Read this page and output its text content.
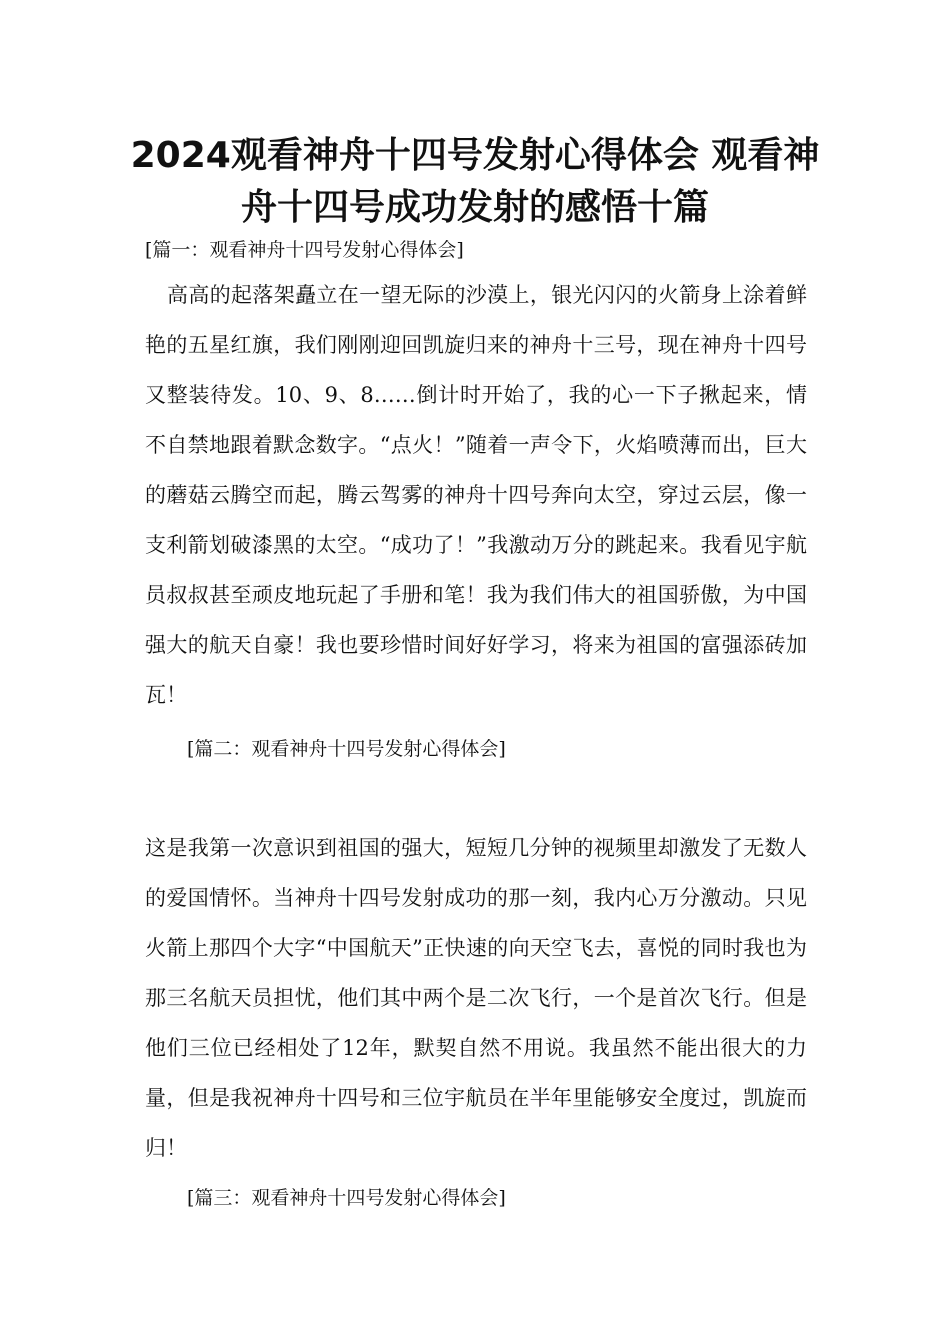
2024观看神舟十四号发射心得体会 观看神舟十四号成功发射的感悟十篇

[篇一：观看神舟十四号发射心得体会]

高高的起落架矗立在一望无际的沙漠上，银光闪闪的火箭身上涂着鲜艳的五星红旗，我们刚刚迎回凯旋归来的神舟十三号，现在神舟十四号又整装待发。10、9、8……倒计时开始了，我的心一下子揪起来，情不自禁地跟着默念数字。“点火！”随着一声令下，火焰喷薄而出，巨大的蘑菇云腾空而起，腾云驾雾的神舟十四号奔向太空，穿过云层，像一支利箭划破漆黑的太空。“成功了！”我激动万分的跳起来。我看见宇航员叔叔甚至顽皮地玩起了手册和笔！我为我们伟大的祖国骄傲，为中国强大的航天自豪！我也要珍惜时间好好学习，将来为祖国的富强添砖加瓦！

[篇二：观看神舟十四号发射心得体会]

这是我第一次意识到祖国的强大，短短几分钟的视频里却激发了无数人的爱国情怀。当神舟十四号发射成功的那一刻，我内心万分激动。只见火箭上那四个大字“中国航天”正快速的向天空飞去，喜悦的同时我也为那三名航天员担忧，他们其中两个是二次飞行，一个是首次飞行。但是他们三位已经相处了12年，默契自然不用说。我虽然不能出很大的力量，但是我祝神舟十四号和三位宇航员在半年里能够安全度过，凯旋而归！

[篇三：观看神舟十四号发射心得体会]
